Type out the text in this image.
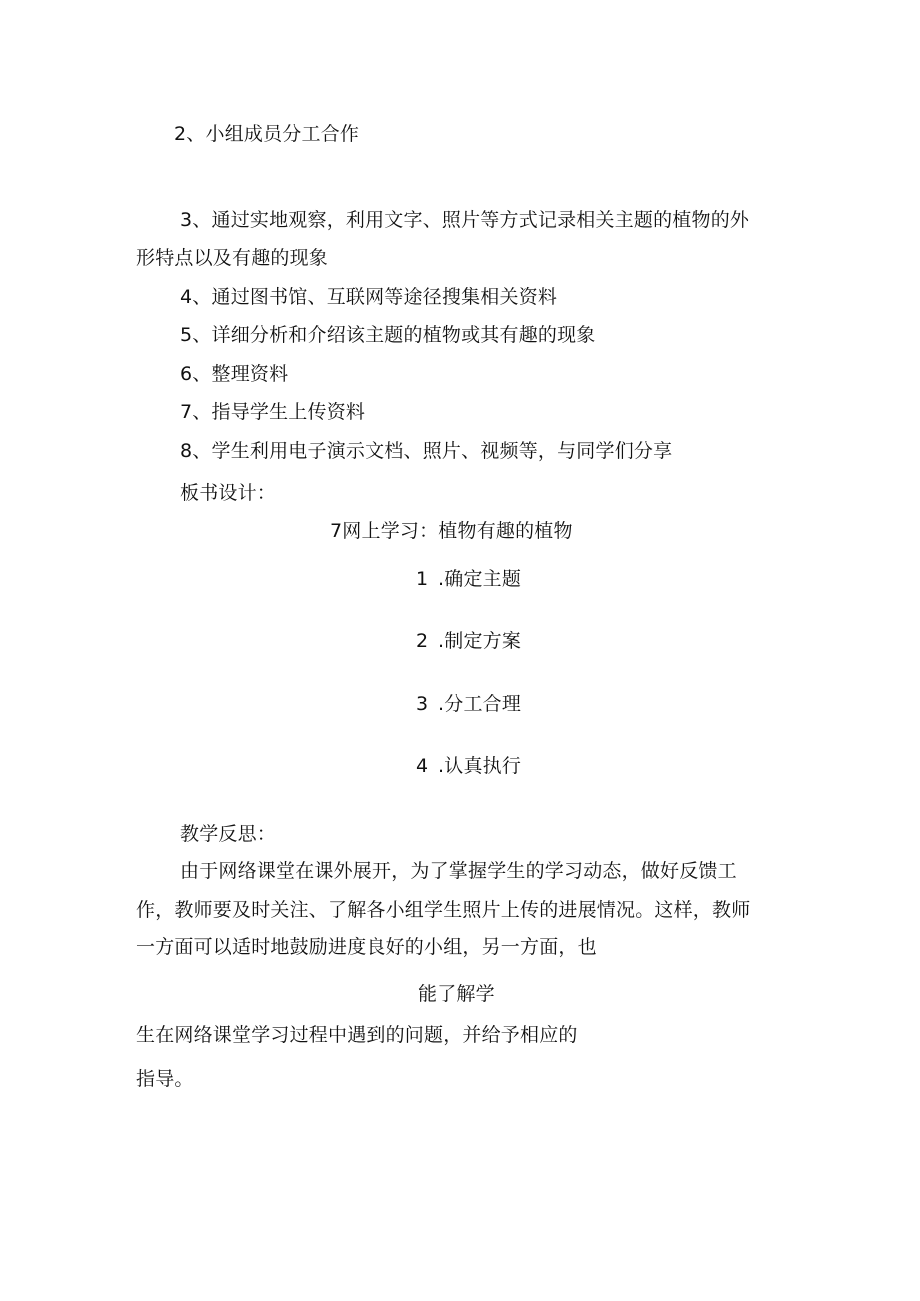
2、小组成员分工合作
3、通过实地观察，利用文字、照片等方式记录相关主题的植物的外
形特点以及有趣的现象
4、通过图书馆、互联网等途径搜集相关资料
5、详细分析和介绍该主题的植物或其有趣的现象
6、整理资料
7、指导学生上传资料
8、学生利用电子演示文档、照片、视频等，与同学们分享
板书设计：
7网上学习：植物有趣的植物
1 .确定主题
2 .制定方案
3 .分工合理
4 .认真执行
教学反思：
由于网络课堂在课外展开，为了掌握学生的学习动态，做好反馈工
作，教师要及时关注、了解各小组学生照片上传的进展情况。这样，教师
一方面可以适时地鼓励进度良好的小组，另一方面，也
能了解学
生在网络课堂学习过程中遇到的问题，并给予相应的
指导。
